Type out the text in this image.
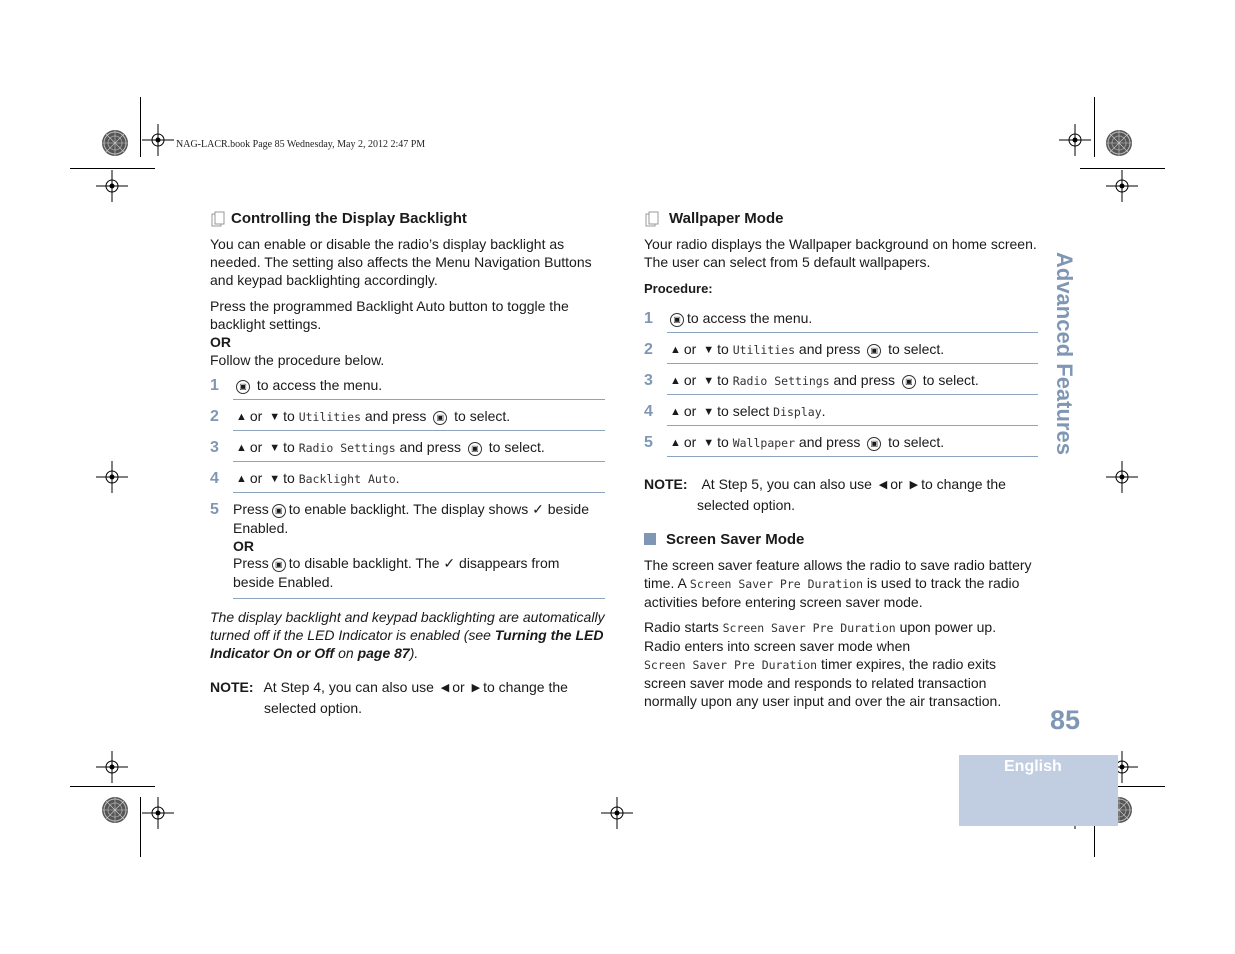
NAG-LACR.book Page 85 Wednesday, May 2, 2012 2:47 PM
Advanced Features
85
English
Controlling the Display Backlight
You can enable or disable the radio’s display backlight as
needed. The setting also affects the Menu Navigation Buttons
and keypad backlighting accordingly.
Press the programmed Backlight Auto button to toggle the
backlight settings.
OR
Follow the procedure below.
1	▣ to access the menu.
2 ▲ or ▼ to Utilities and press ▣ to select.
3 ▲ or ▼ to Radio Settings and press ▣ to select.
4 ▲ or ▼ to Backlight Auto.
5 Press ▣ to enable backlight. The display shows ✓ beside
Enabled.
OR
Press ▣ to disable backlight. The ✓ disappears from
beside Enabled.
The display backlight and keypad backlighting are automatically
turned off if the LED Indicator is enabled (see Turning the LED
Indicator On or Off on page 87).
NOTE: At Step 4, you can also use ◀ or ▶ to change the
selected option.
Wallpaper Mode
Your radio displays the Wallpaper background on home screen.
The user can select from 5 default wallpapers.
Procedure:
1	▣ to access the menu.
2 ▲ or ▼ to Utilities and press ▣ to select.
3 ▲ or ▼ to Radio Settings and press ▣ to select.
4 ▲ or ▼ to select Display.
5 ▲ or ▼ to Wallpaper and press ▣ to select.
NOTE: At Step 5, you can also use ◀ or ▶ to change the
selected option.
Screen Saver Mode
The screen saver feature allows the radio to save radio battery
time. A Screen Saver Pre Duration is used to track the radio
activities before entering screen saver mode.
Radio starts Screen Saver Pre Duration upon power up.
Radio enters into screen saver mode when
Screen Saver Pre Duration timer expires, the radio exits
screen saver mode and responds to related transaction
normally upon any user input and over the air transaction.
